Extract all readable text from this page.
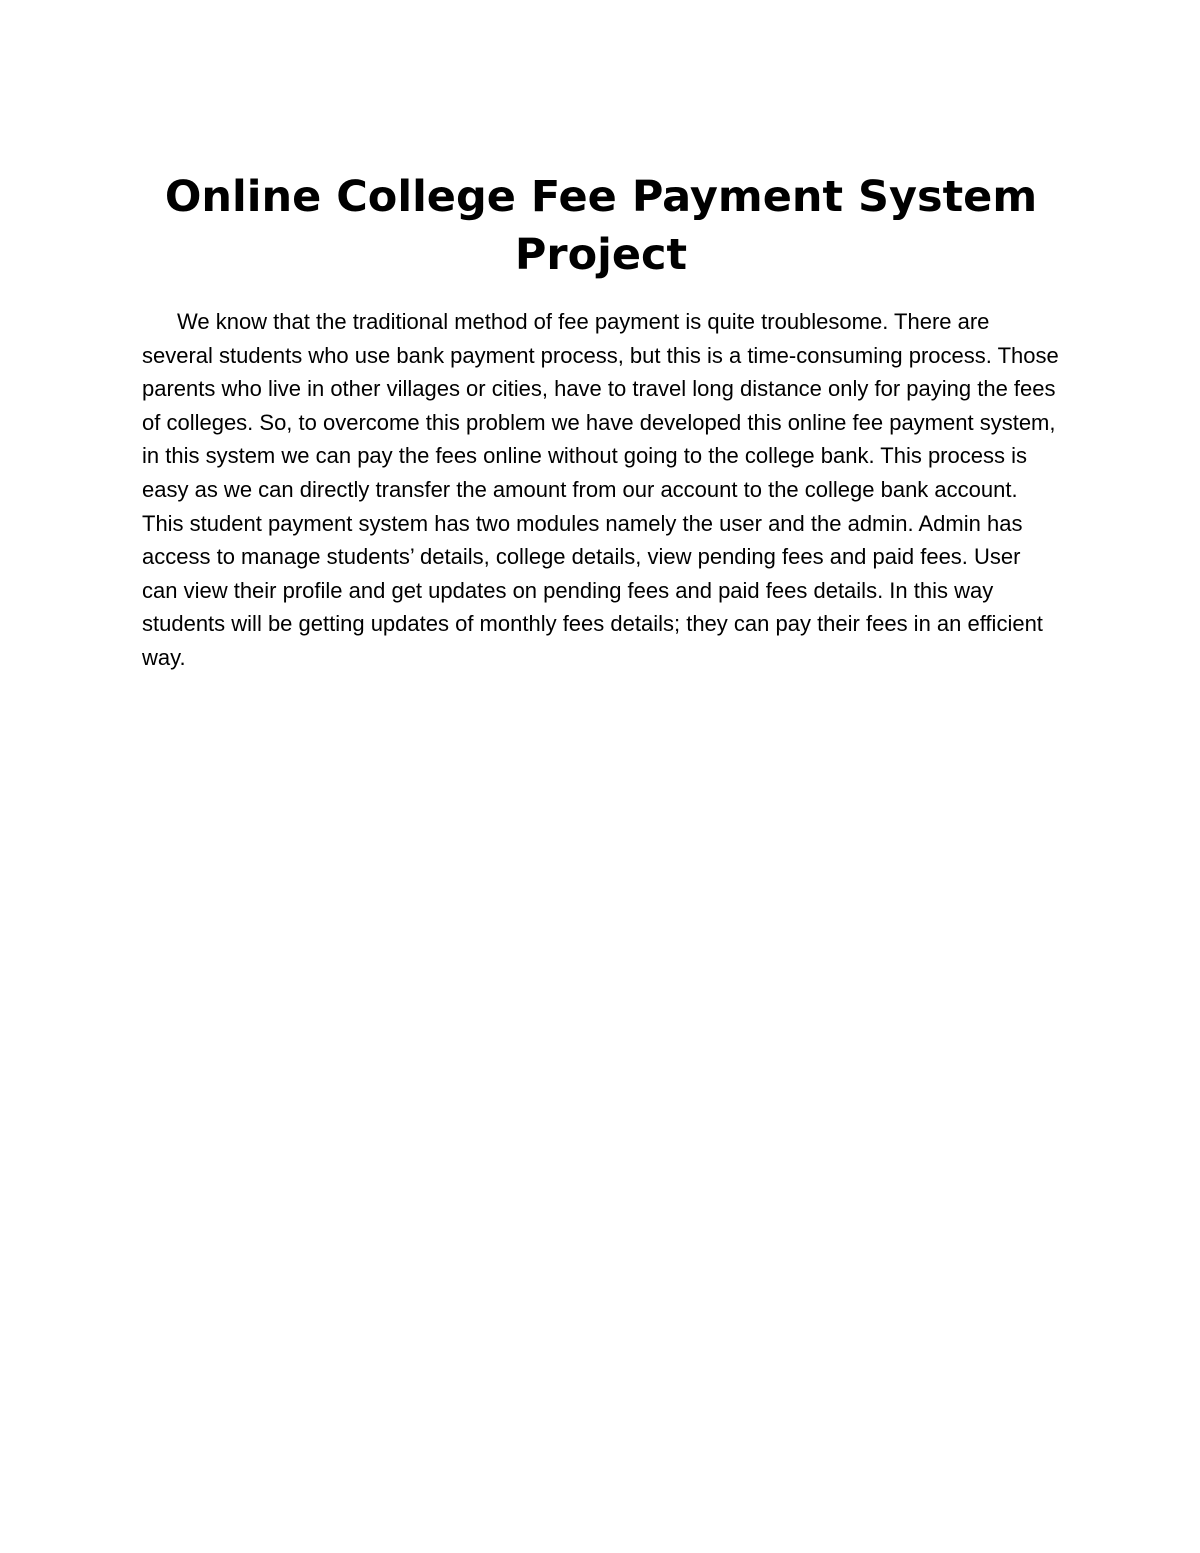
Online College Fee Payment System Project

We know that the traditional method of fee payment is quite troublesome. There are several students who use bank payment process, but this is a time-consuming process. Those parents who live in other villages or cities, have to travel long distance only for paying the fees of colleges. So, to overcome this problem we have developed this online fee payment system, in this system we can pay the fees online without going to the college bank. This process is easy as we can directly transfer the amount from our account to the college bank account. This student payment system has two modules namely the user and the admin. Admin has access to manage students’ details, college details, view pending fees and paid fees. User can view their profile and get updates on pending fees and paid fees details. In this way students will be getting updates of monthly fees details; they can pay their fees in an efficient way.
